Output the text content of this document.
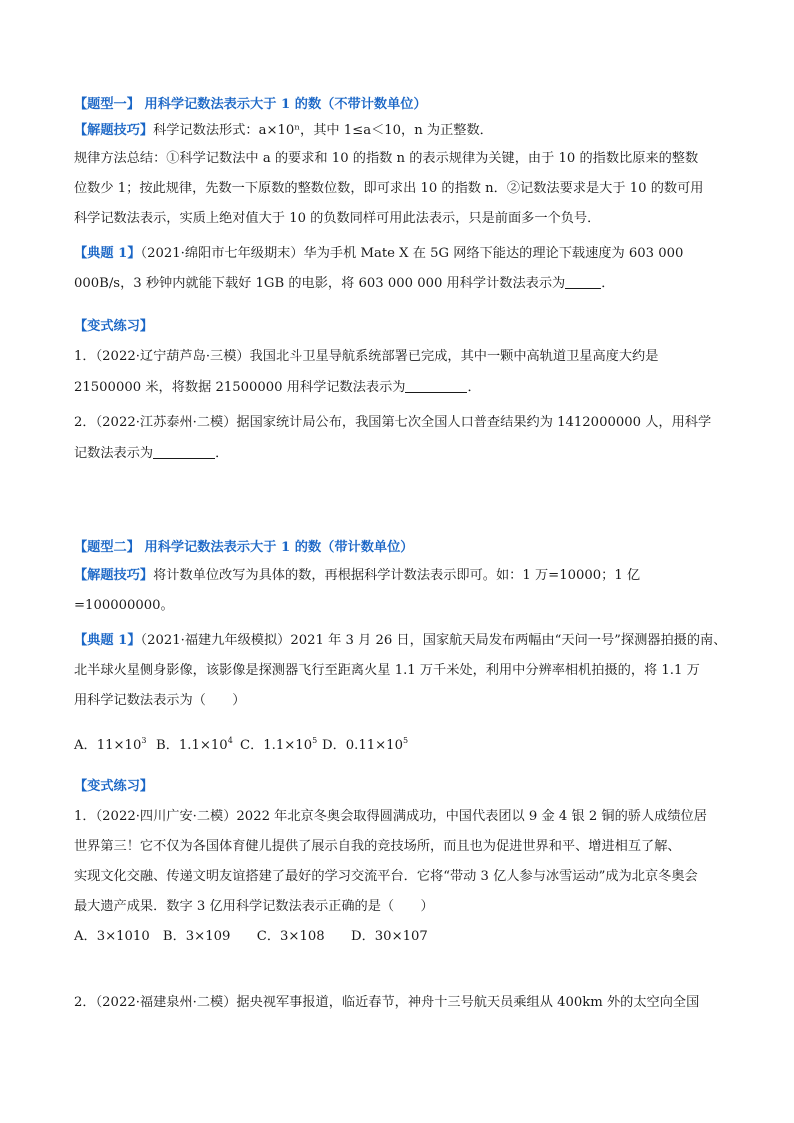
【题型一】 用科学记数法表示大于 1 的数（不带计数单位）
【解题技巧】科学记数法形式：a×10ⁿ，其中 1≤a＜10，n 为正整数．
规律方法总结：①科学记数法中 a 的要求和 10 的指数 n 的表示规律为关键，由于 10 的指数比原来的整数
位数少 1；按此规律，先数一下原数的整数位数，即可求出 10 的指数 n．②记数法要求是大于 10 的数可用
科学记数法表示，实质上绝对值大于 10 的负数同样可用此法表示，只是前面多一个负号．
【典题 1】（2021·绵阳市七年级期末）华为手机 Mate X 在 5G 网络下能达的理论下载速度为 603 000
000B/s，3 秒钟内就能下载好 1GB 的电影，将 603 000 000 用科学计数法表示为	．
【变式练习】
1．（2022·辽宁葫芦岛·三模）我国北斗卫星导航系统部署已完成，其中一颗中高轨道卫星高度大约是
21500000 米，将数据 21500000 用科学记数法表示为	．
2．（2022·江苏泰州·二模）据国家统计局公布，我国第七次全国人口普查结果约为 1412000000 人，用科学
记数法表示为	．
【题型二】 用科学记数法表示大于 1 的数（带计数单位）
【解题技巧】将计数单位改写为具体的数，再根据科学计数法表示即可。如：1 万=10000；1 亿
=100000000。
【典题 1】（2021·福建九年级模拟）2021 年 3 月 26 日，国家航天局发布两幅由“天问一号”探测器拍摄的南、
北半球火星侧身影像，该影像是探测器飞行至距离火星 1.1 万千米处，利用中分辨率相机拍摄的，将 1.1 万
用科学记数法表示为（　　）
A．$11\times 10^3$ B．$1.1\times 10^4$ C．$1.1\times 10^5$ D．$0.11\times 10^5$
【变式练习】
1．（2022·四川广安·二模）2022 年北京冬奥会取得圆满成功，中国代表团以 9 金 4 银 2 铜的骄人成绩位居
世界第三！它不仅为各国体育健儿提供了展示自我的竞技场所，而且也为促进世界和平、增进相互了解、
实现文化交融、传递文明友谊搭建了最好的学习交流平台．它将“带动 3 亿人参与冰雪运动”成为北京冬奥会
最大遗产成果．数字 3 亿用科学记数法表示正确的是（　　）
A．3×1010　B．3×109　　C．3×108　　D．30×107
2．（2022·福建泉州·二模）据央视军事报道，临近春节，神舟十三号航天员乘组从 400km 外的太空向全国
